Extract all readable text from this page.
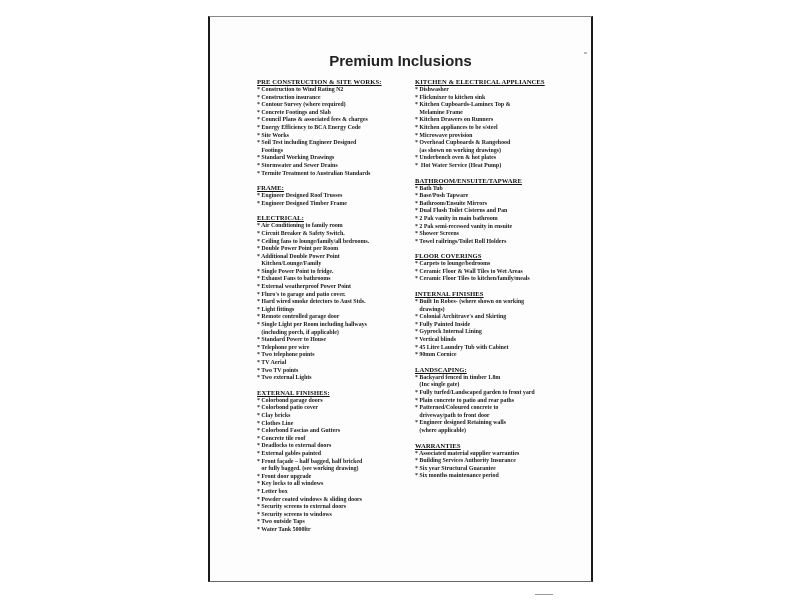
Premium Inclusions
PRE CONSTRUCTION & SITE WORKS:
* Construction to Wind Rating N2
* Construction insurance
* Contour Survey (where required)
* Concrete Footings and Slab
* Council Plans & associated fees & charges
* Energy Efficiency to BCA Energy Code
* Site Works
* Soil Test including Engineer Designed
Footings
* Standard Working Drawings
* Stormwater and Sewer Drains
* Termite Treatment to Australian Standards
FRAME:
* Engineer Designed Roof Trusses
* Engineer Designed Timber Frame
ELECTRICAL:
* Air Conditioning to family room
* Circuit Breaker & Safety Switch.
* Ceiling fans to lounge/family/all bedrooms.
* Double Power Point per Room
* Additional Double Power Point
Kitchen/Lounge/Family
* Single Power Point to fridge.
* Exhaust Fans to bathrooms
* External weatherproof Power Point
* Fluro's to garage and patio cover.
* Hard wired smoke detectors to Aust Stds.
* Light fittings
* Remote controlled garage door
* Single Light per Room including hallways
(including porch, if applicable)
* Standard Power to House
* Telephone pre wire
* Two telephone points
* TV Aerial
* Two TV points
* Two external Lights
EXTERNAL FINISHES:
* Colorbond garage doors
* Colorbond patio cover
* Clay bricks
* Clothes Line
* Colorbond Fascias and Gutters
* Concrete tile roof
* Deadlocks to external doors
* External gables painted
* Front façade – half bagged, half bricked
or fully bagged. (see working drawing)
* Front door upgrade
* Key locks to all windows
* Letter box
* Powder coated windows & sliding doors
* Security screens to external doors
* Security screens to windows
* Two outside Taps
* Water Tank 5000ltr
KITCHEN & ELECTRICAL APPLIANCES
* Dishwasher
* Flickmixer to kitchen sink
* Kitchen Cupboards-Laminex Top &
Melamine Frame
* Kitchen Drawers on Runners
* Kitchen appliances to be s/steel
* Microwave provision
* Overhead Cupboards & Rangehood
(as shown on working drawings)
* Underbench oven & hot plates
*  Hot Water Service (Heat Pump)
BATHROOM/ENSUITE/TAPWARE
* Bath Tub
* Base/Posh Tapware
* Bathroom/Ensuite Mirrors
* Dual Flush Toilet Cisterns and Pan
* 2 Pak vanity in main bathroom
* 2 Pak semi-recessed vanity in ensuite
* Shower Screens
* Towel railrings/Toilet Roll Holders
FLOOR COVERINGS
* Carpets to lounge/bedrooms
* Ceramic Floor & Wall Tiles to Wet Areas
* Ceramic Floor Tiles to kitchen/family/meals
INTERNAL FINISHES
* Built In Robes- (where shown on working
drawings)
* Colonial Architrave's and Skirting
* Fully Painted Inside
* Gyprock Internal Lining
* Vertical blinds
* 45 Litre Laundry Tub with Cabinet
* 90mm Cornice
LANDSCAPING:
* Backyard fenced in timber 1.8m
(Inc single gate)
* Fully turfed/Landscaped garden to front yard
* Plain concrete to patio and rear paths
* Patterned/Coloured concrete to
driveway/path to front door
* Engineer designed Retaining walls
(where applicable)
WARRANTIES
* Associated material supplier warranties
* Building Services Authority Insurance
* Six year Structural Guarantee
* Six months maintenance period
